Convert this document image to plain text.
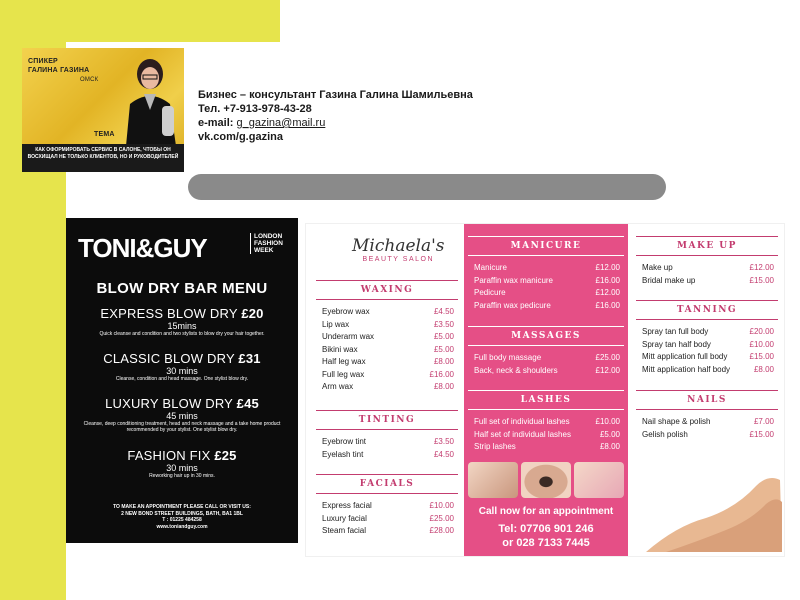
СПИКЕР
ГАЛИНА ГАЗИНА
ОМСК
ТЕМА
КАК ОФОРМИРОВАТЬ СЕРВИС В САЛОНЕ, ЧТОБЫ ОН ВОСХИЩАЛ НЕ ТОЛЬКО КЛИЕНТОВ, НО И РУКОВОДИТЕЛЕЙ
Бизнес – консультант Газина Галина Шамильевна
Тел. +7-913-978-43-28
e-mail: g_gazina@mail.ru
vk.com/g.gazina
TONI&GUY	LONDON FASHION WEEK
BLOW DRY BAR MENU
EXPRESS BLOW DRY £20
15mins
Quick cleanse and condition and two stylists to blow dry your hair together.
CLASSIC BLOW DRY £31
30 mins
Cleanse, condition and head massage. One stylist blow dry.
LUXURY BLOW DRY £45
45 mins
Cleanse, deep conditioning treatment, head and neck massage and a take home product recommended by your stylist. One stylist blow dry.
FASHION FIX £25
30 mins
Reworking hair up in 30 mins.
TO MAKE AN APPOINTMENT PLEASE CALL OR VISIT US:
2 NEW BOND STREET BUILDINGS, BATH, BA1 1BL
T : 01225 484258
www.toniandguy.com
Michaela's
BEAUTY SALON
WAXING
Eyebrow wax	£4.50
Lip wax	£3.50
Underarm wax	£5.00
Bikini wax	£5.00
Half leg wax	£8.00
Full leg wax	£16.00
Arm wax	£8.00
TINTING
Eyebrow tint	£3.50
Eyelash tint	£4.50
FACIALS
Express facial	£10.00
Luxury facial	£25.00
Steam facial	£28.00
MANICURE
Manicure	£12.00
Paraffin wax manicure	£16.00
Pedicure	£12.00
Paraffin wax pedicure	£16.00
MASSAGES
Full body massage	£25.00
Back, neck & shoulders	£12.00
LASHES
Full set of individual lashes	£10.00
Half set of individual lashes	£5.00
Strip lashes	£8.00
Call now for an appointment
Tel: 07706 901 246
or 028 7133 7445
MAKE UP
Make up	£12.00
Bridal make up	£15.00
TANNING
Spray tan full body	£20.00
Spray tan half body	£10.00
Mitt application full body	£15.00
Mitt application half body	£8.00
NAILS
Nail shape & polish	£7.00
Gelish polish	£15.00
